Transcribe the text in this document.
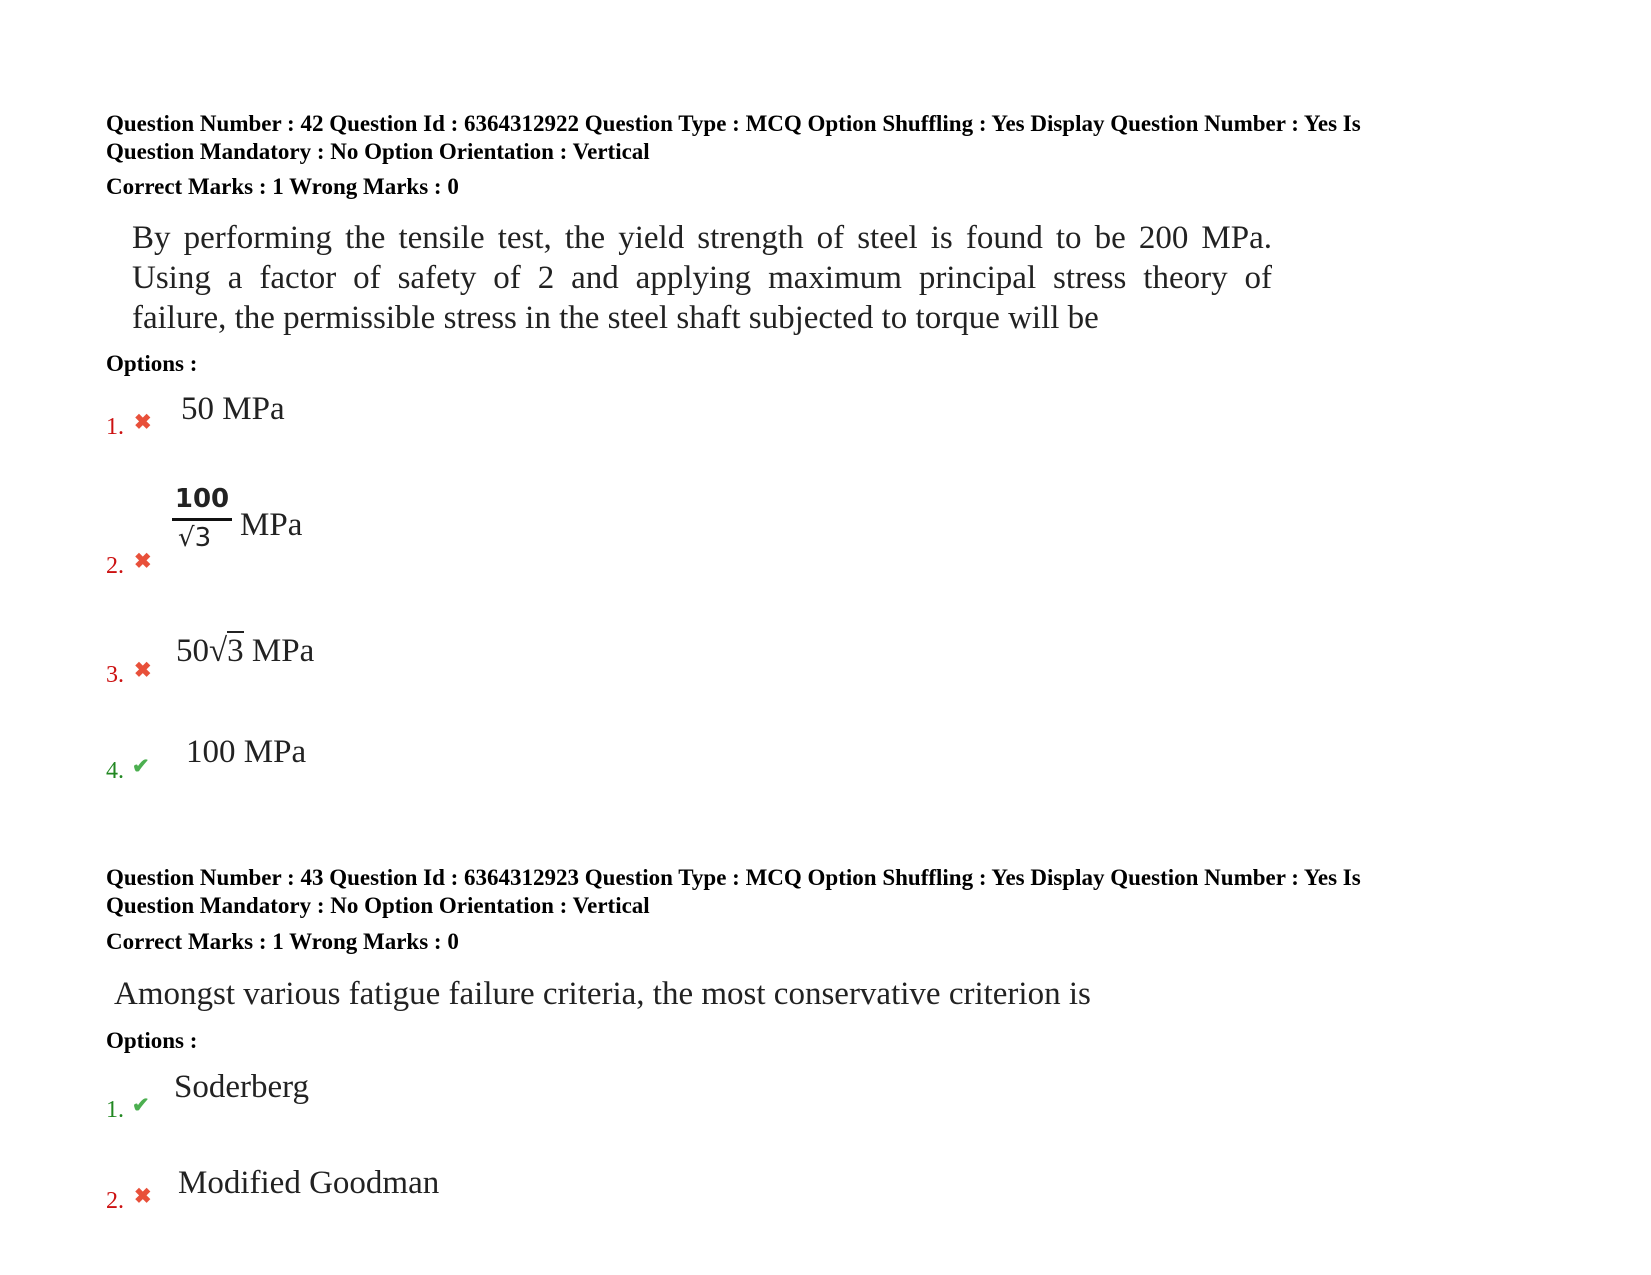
Question Number : 42 Question Id : 6364312922 Question Type : MCQ Option Shuffling : Yes Display Question Number : Yes Is
Question Mandatory : No Option Orientation : Vertical
Correct Marks : 1 Wrong Marks : 0
By performing the tensile test, the yield strength of steel is found to be 200 MPa.
Using a factor of safety of 2 and applying maximum principal stress theory of
failure, the permissible stress in the steel shaft subjected to torque will be
Options :
1. ✖ 50 MPa
2. ✖
100
√3 MPa
3. ✖
50√3 MPa
4. ✔ 100 MPa
Question Number : 43 Question Id : 6364312923 Question Type : MCQ Option Shuffling : Yes Display Question Number : Yes Is
Question Mandatory : No Option Orientation : Vertical
Correct Marks : 1 Wrong Marks : 0
Amongst various fatigue failure criteria, the most conservative criterion is
Options :
1. ✔ Soderberg
2. ✖ Modified Goodman
